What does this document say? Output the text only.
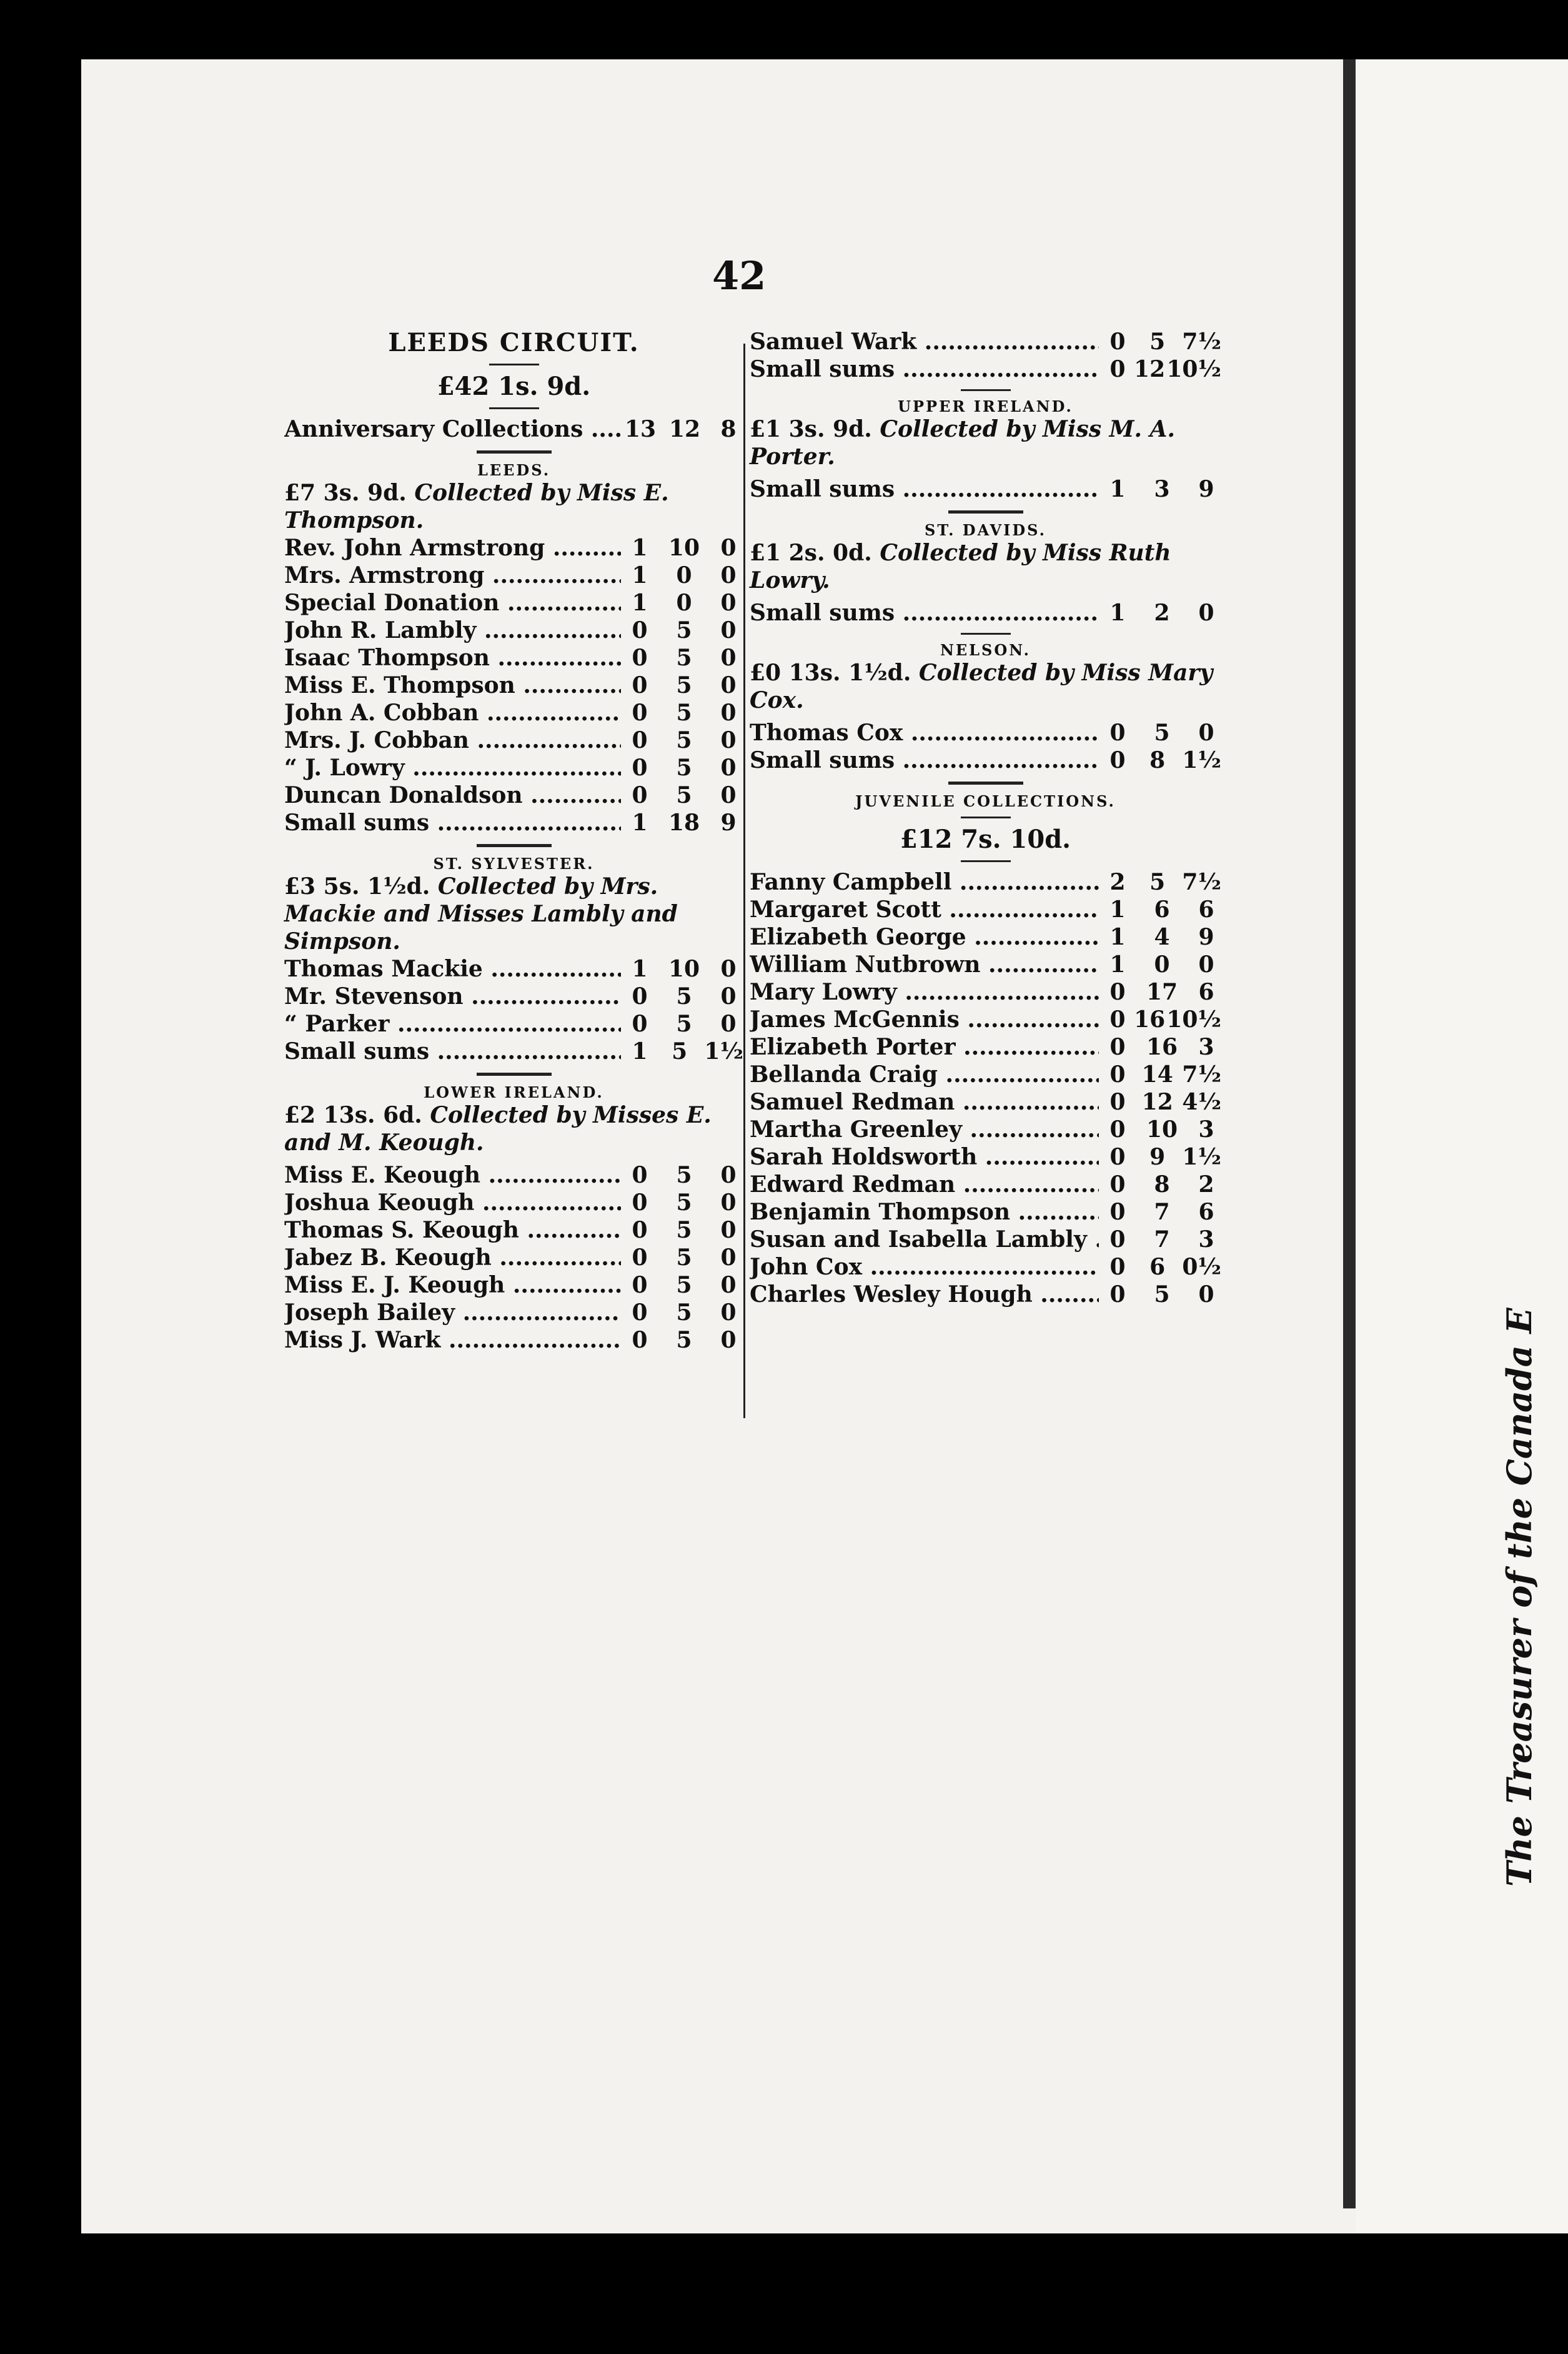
The Treasurer of the Canada E
42
LEEDS CIRCUIT.
£42 1s. 9d.
Anniversary Collections .....	13 12 8
LEEDS.
£7 3s. 9d. Collected by Miss E. Thompson.
Rev. John Armstrong .....	1 10 0
Mrs. Armstrong .....	1	0	0
Special Donation .....	1	0	0
John R. Lambly .....	0	5	0
Isaac Thompson .....	0	5	0
Miss E. Thompson .....	0	5	0
John A. Cobban .....	0	5	0
Mrs. J. Cobban .....	0	5	0
“ J. Lowry .....	0	5	0
Duncan Donaldson .....	0	5	0
Small sums .....	1 18 9
ST. SYLVESTER.
£3 5s. 1½d. Collected by Mrs. Mackie and Misses Lambly and Simpson.
Thomas Mackie .....	1 10 0
Mr. Stevenson .....	0	5	0
“ Parker .....	0	5	0
Small sums .....	1	5 1½
LOWER IRELAND.
£2 13s. 6d. Collected by Misses E. and M. Keough.
Miss E. Keough .....	0	5	0
Joshua Keough .....	0	5	0
Thomas S. Keough .....	0	5	0
Jabez B. Keough .....	0	5	0
Miss E. J. Keough .....	0	5	0
Joseph Bailey .....	0	5	0
Miss J. Wark .....	0	5	0
Samuel Wark .....	0	5 7½
Small sums .....	0 12 10½
UPPER IRELAND.
£1 3s. 9d. Collected by Miss M. A. Porter.
Small sums .....	1	3	9
ST. DAVIDS.
£1 2s. 0d. Collected by Miss Ruth Lowry.
Small sums .....	1	2	0
NELSON.
£0 13s. 1½d. Collected by Miss Mary Cox.
Thomas Cox .....	0	5	0
Small sums .....	0	8 1½
JUVENILE COLLECTIONS.
£12 7s. 10d.
Fanny Campbell .....	2	5 7½
Margaret Scott .....	1	6	6
Elizabeth George .....	1	4	9
William Nutbrown .....	1	0	0
Mary Lowry .....	0 17 6
James McGennis .....	0 16 10½
Elizabeth Porter .....	0 16 3
Bellanda Craig .....	0 14 7½
Samuel Redman .....	0 12 4½
Martha Greenley .....	0 10 3
Sarah Holdsworth .....	0	9 1½
Edward Redman .....	0	8	2
Benjamin Thompson .....	0	7	6
Susan and Isabella Lambly .....	0	7	3
John Cox .....	0	6 0½
Charles Wesley Hough .....	0	5	0
